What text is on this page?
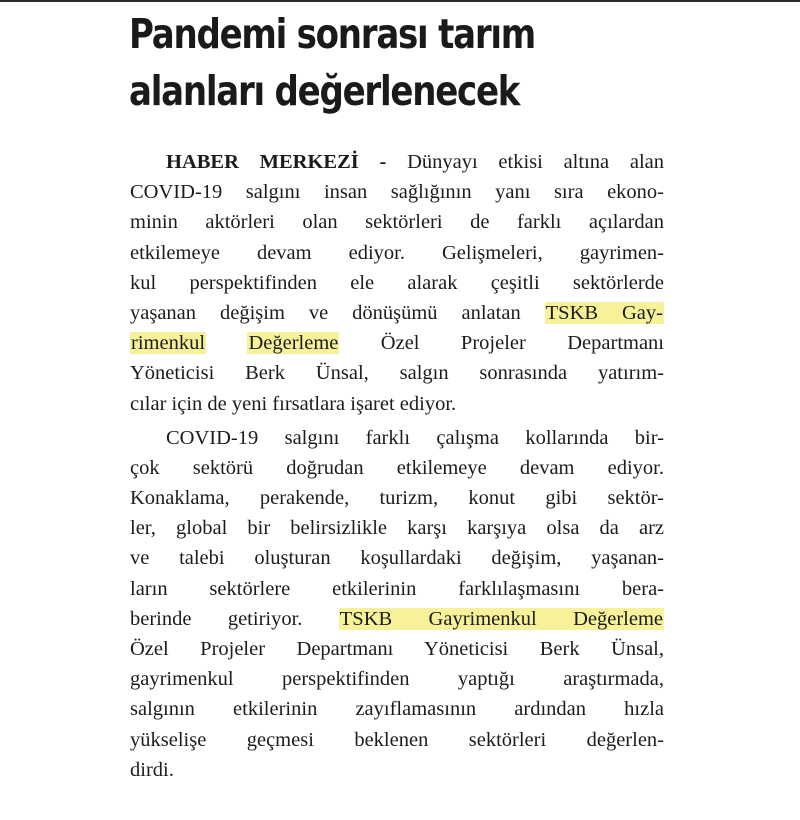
Pandemi sonrası tarım
alanları değerlenecek
HABER MERKEZİ - Dünyayı etkisi altına alan
COVID-19 salgını insan sağlığının yanı sıra ekono-
minin aktörleri olan sektörleri de farklı açılardan
etkilemeye devam ediyor. Gelişmeleri, gayrimen-
kul perspektifinden ele alarak çeşitli sektörlerde
yaşanan değişim ve dönüşümü anlatan TSKB Gay-
rimenkul Değerleme Özel Projeler Departmanı
Yöneticisi Berk Ünsal, salgın sonrasında yatırım-
cılar için de yeni fırsatlara işaret ediyor.
COVID-19 salgını farklı çalışma kollarında bir-
çok sektörü doğrudan etkilemeye devam ediyor.
Konaklama, perakende, turizm, konut gibi sektör-
ler, global bir belirsizlikle karşı karşıya olsa da arz
ve talebi oluşturan koşullardaki değişim, yaşanan-
ların sektörlere etkilerinin farklılaşmasını bera-
berinde getiriyor. TSKB Gayrimenkul Değerleme
Özel Projeler Departmanı Yöneticisi Berk Ünsal,
gayrimenkul perspektifinden yaptığı araştırmada,
salgının etkilerinin zayıflamasının ardından hızla
yükselişe geçmesi beklenen sektörleri değerlen-
dirdi.
